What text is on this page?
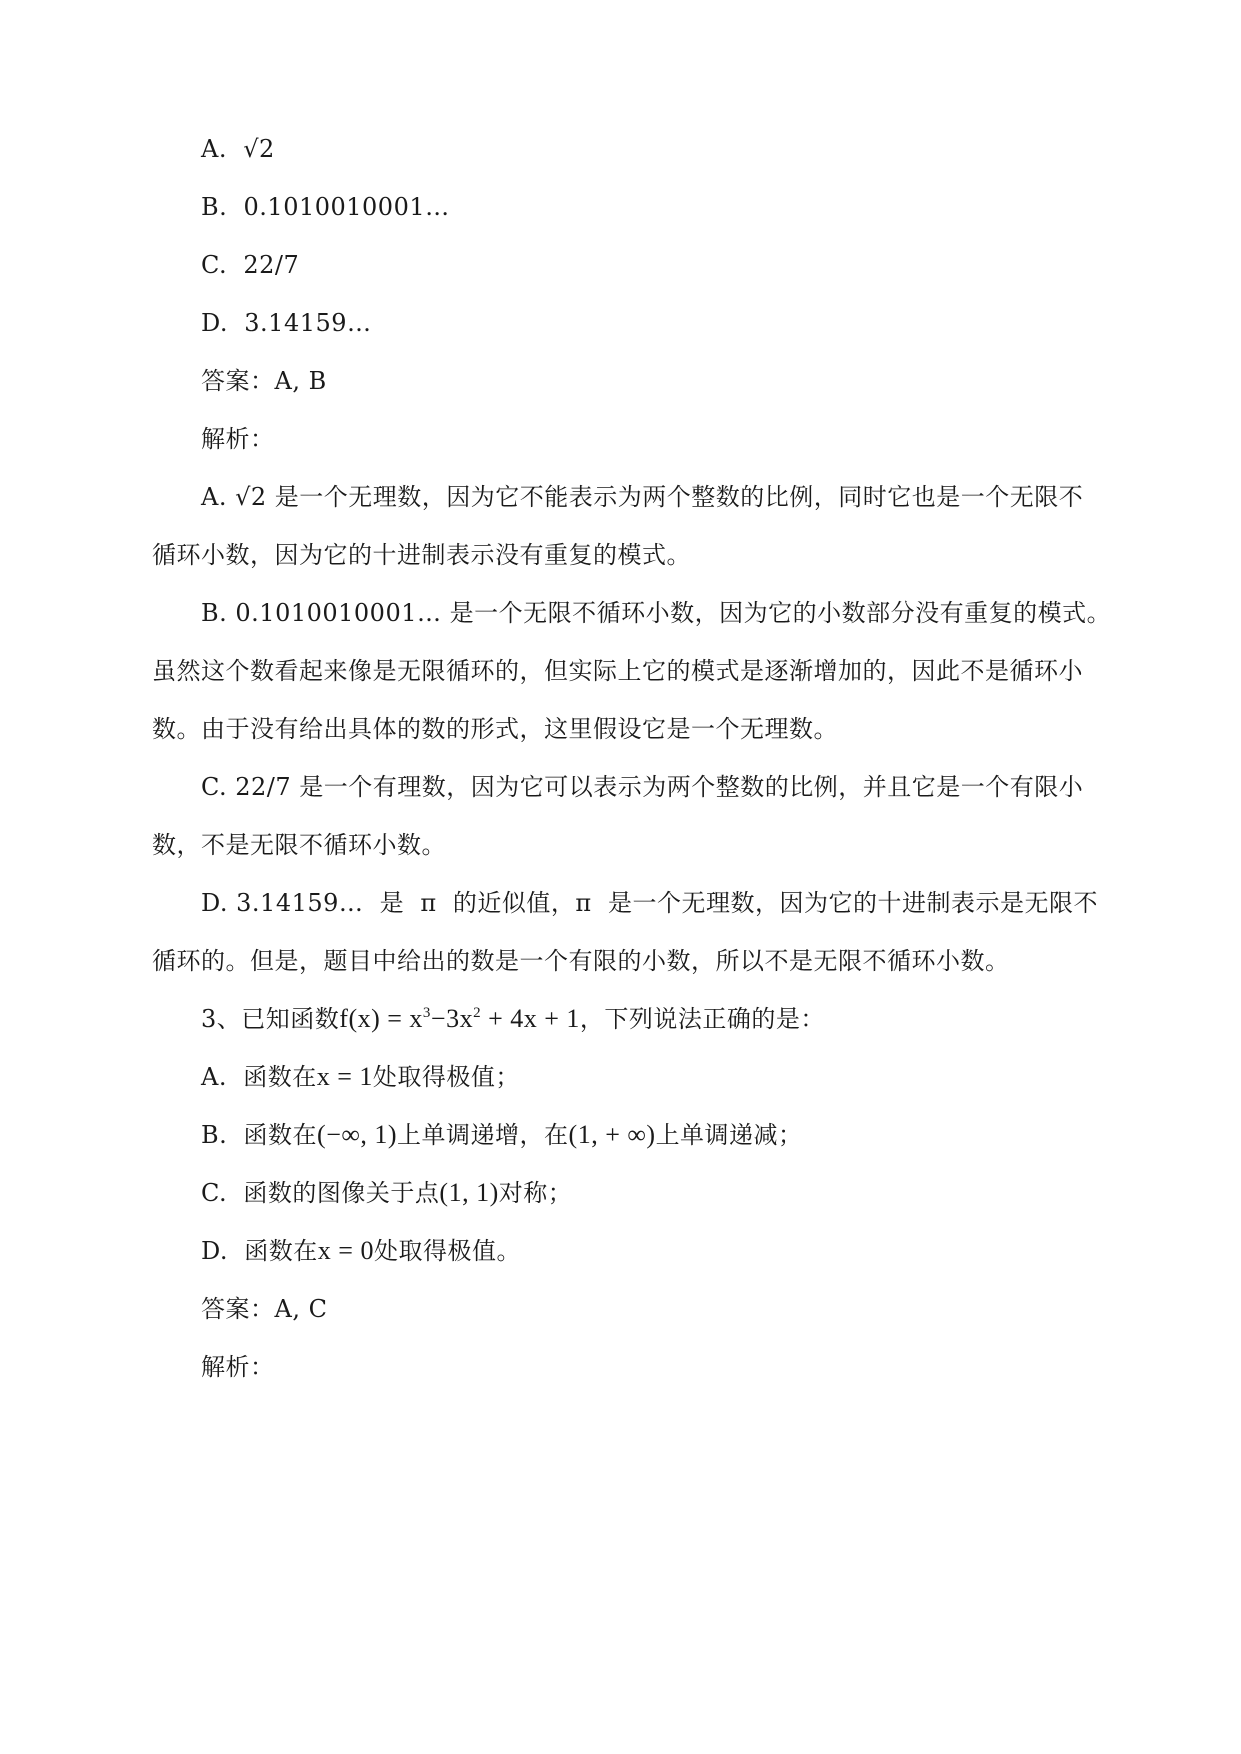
A.  √2
B.  0.1010010001…
C.  22/7
D.  3.14159…
答案：A, B
解析：
A. √2 是一个无理数，因为它不能表示为两个整数的比例，同时它也是一个无限不
循环小数，因为它的十进制表示没有重复的模式。
B. 0.1010010001… 是一个无限不循环小数，因为它的小数部分没有重复的模式。
虽然这个数看起来像是无限循环的，但实际上它的模式是逐渐增加的，因此不是循环小
数。由于没有给出具体的数的形式，这里假设它是一个无理数。
C. 22/7 是一个有理数，因为它可以表示为两个整数的比例，并且它是一个有限小
数，不是无限不循环小数。
D. 3.14159…  是  π  的近似值，π  是一个无理数，因为它的十进制表示是无限不
循环的。但是，题目中给出的数是一个有限的小数，所以不是无限不循环小数。
3、已知函数$f(x) = x^3-3x^2 + 4x + 1$，下列说法正确的是：
A.  函数在x = 1处取得极值；
B.  函数在(−∞, 1)上单调递增，在(1, + ∞)上单调递减；
C.  函数的图像关于点(1, 1)对称；
D.  函数在x = 0处取得极值。
答案：A, C
解析：
